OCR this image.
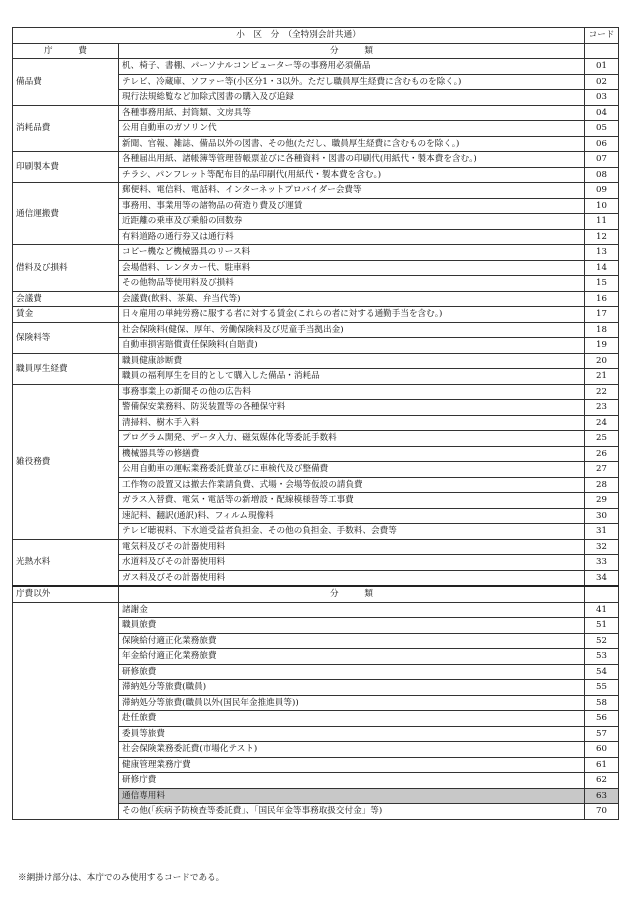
小　区　分　（全特別会計共通）		コード
庁　　　費	分　　　類	
備品費	机、椅子、書棚、パーソナルコンピューター等の事務用必須備品	01
	テレビ、冷蔵庫、ソファー等(小区分1・3以外。ただし職員厚生経費に含むものを除く。)	02
	現行法規総覧など加除式図書の購入及び追録	03
消耗品費	各種事務用紙、封筒類、文房具等	04
	公用自動車のガソリン代	05
	新聞、官報、雑誌、備品以外の図書、その他(ただし、職員厚生経費に含むものを除く。)	06
印刷製本費	各種届出用紙、諸帳簿等管理替帳票並びに各種資料・図書の印刷代(用紙代・製本費を含む。)	07
	チラシ、パンフレット等配布目的品印刷代(用紙代・製本費を含む。)	08
通信運搬費	郵便料、電信料、電話料、インターネットプロバイダー会費等	09
	事務用、事業用等の諸物品の荷造り費及び運賃	10
	近距離の乗車及び乗船の回数券	11
	有料道路の通行券又は通行料	12
借料及び損料	コピー機など機械器具のリース料	13
	会場借料、レンタカー代、駐車料	14
	その他物品等使用料及び損料	15
会議費	会議費(飲料、茶菓、弁当代等)	16
賃金	日々雇用の単純労務に服する者に対する賃金(これらの者に対する通勤手当を含む。)	17
保険料等	社会保険料(健保、厚年、労働保険料及び児童手当拠出金)	18
	自動車損害賠償責任保険料(自賠責)	19
職員厚生経費	職員健康診断費	20
	職員の福利厚生を目的として購入した備品・消耗品	21
雑役務費	事務事業上の新聞その他の広告料	22
	警備保安業務料、防災装置等の各種保守料	23
	清掃料、樹木手入料	24
	プログラム開発、データ入力、磁気媒体化等委託手数料	25
	機械器具等の修繕費	26
	公用自動車の運転業務委託費並びに車検代及び整備費	27
	工作物の設置又は撤去作業請負費、式場・会場等仮設の請負費	28
	ガラス入替費、電気・電話等の新増設・配線模様替等工事費	29
	速記料、翻訳(通訳)料、フィルム現像料	30
	テレビ聴視料、下水道受益者負担金、その他の負担金、手数料、会費等	31
光熱水料	電気料及びその計器使用料	32
	水道料及びその計器使用料	33
	ガス料及びその計器使用料	34
庁費以外	分　　　類	
	諸謝金	41
	職員旅費	51
	保険給付適正化業務旅費	52
	年金給付適正化業務旅費	53
	研修旅費	54
	滞納処分等旅費(職員)	55
	滞納処分等旅費(職員以外(国民年金推進員等))	58
	赴任旅費	56
	委員等旅費	57
	社会保険業務委託費(市場化テスト)	60
	健康管理業務庁費	61
	研修庁費	62
	通信専用料	63
	その他(「疾病予防検査等委託費」、「国民年金等事務取扱交付金」等)	70
※網掛け部分は、本庁でのみ使用するコードである。
